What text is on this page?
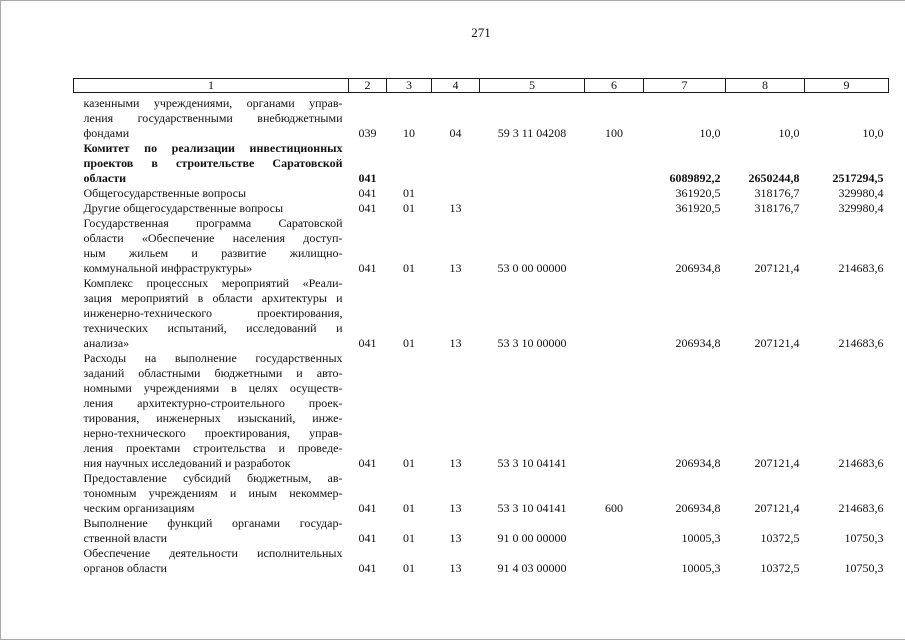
271
1	2	3	4	5	6	7	8	9

казенными учреждениями, органами управ-
ления государственными внебюджетными
фондами	039	10	04	59 3 11 04208	100	10,0	10,0	10,0

Комитет по реализации инвестиционных
проектов в строительстве Саратовской
области	041					6089892,2	2650244,8	2517294,5

Общегосударственные вопросы	041	01				361920,5	318176,7	329980,4

Другие общегосударственные вопросы	041	01	13			361920,5	318176,7	329980,4

Государственная программа Саратовской
области «Обеспечение населения доступ-
ным жильем и развитие жилищно-
коммунальной инфраструктуры»	041	01	13	53 0 00 00000		206934,8	207121,4	214683,6

Комплекс процессных мероприятий «Реали-
зация мероприятий в области архитектуры и
инженерно-технического проектирования,
технических испытаний, исследований и
анализа»	041	01	13	53 3 10 00000		206934,8	207121,4	214683,6

Расходы на выполнение государственных
заданий областными бюджетными и авто-
номными учреждениями в целях осуществ-
ления архитектурно-строительного проек-
тирования, инженерных изысканий, инже-
нерно-технического проектирования, управ-
ления проектами строительства и проведе-
ния научных исследований и разработок	041	01	13	53 3 10 04141		206934,8	207121,4	214683,6

Предоставление субсидий бюджетным, ав-
тономным учреждениям и иным некоммер-
ческим организациям	041	01	13	53 3 10 04141	600	206934,8	207121,4	214683,6

Выполнение функций органами государ-
ственной власти	041	01	13	91 0 00 00000		10005,3	10372,5	10750,3

Обеспечение деятельности исполнительных
органов области	041	01	13	91 4 03 00000		10005,3	10372,5	10750,3
